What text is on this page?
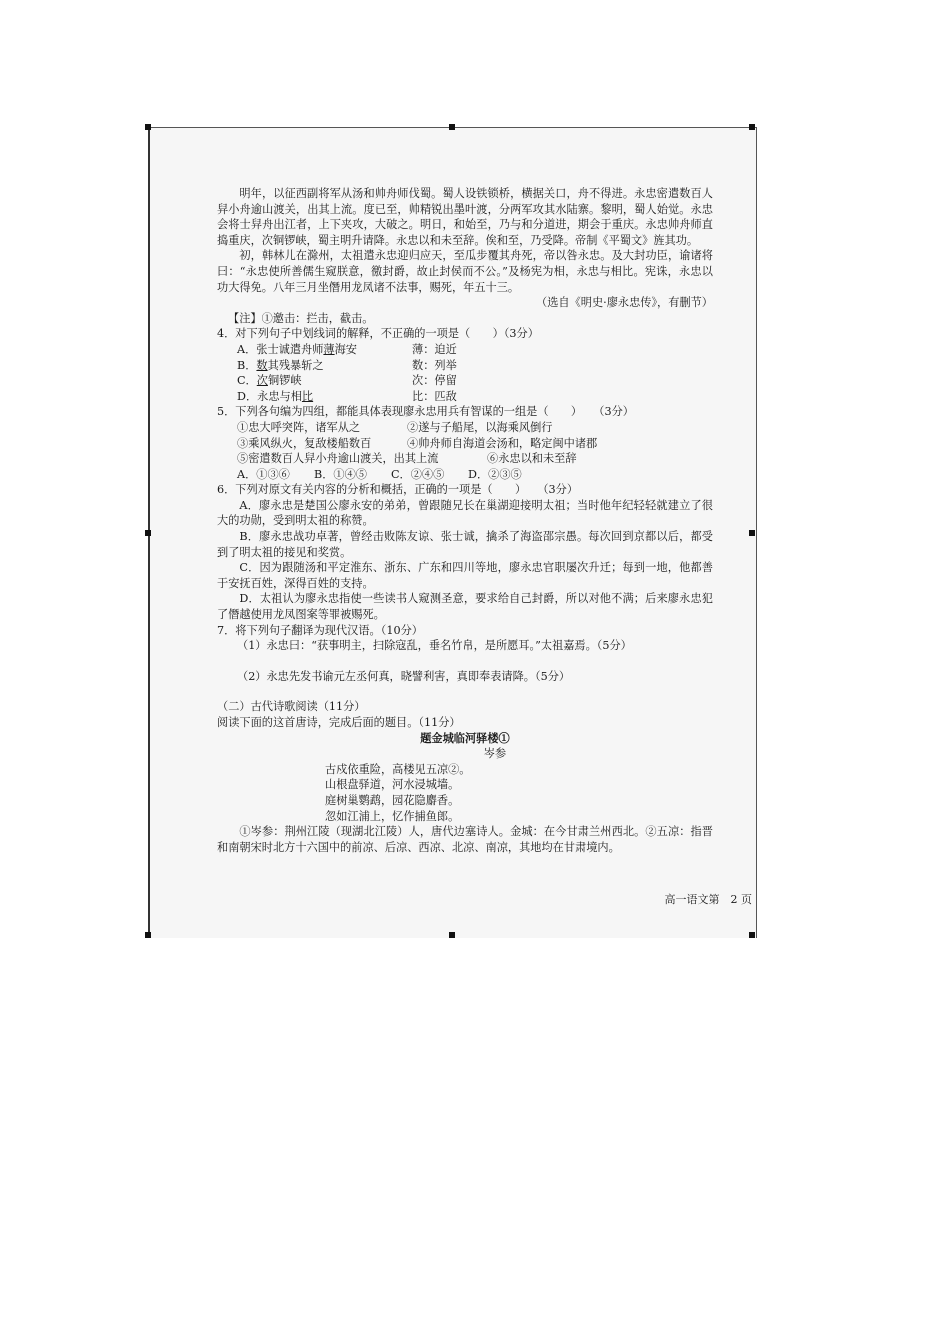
明年，以征西副将军从汤和帅舟师伐蜀。蜀人设铁锁桥，横据关口，舟不得进。永忠密遣数百人舁小舟逾山渡关，出其上流。度已至，帅精锐出墨叶渡，分两军攻其水陆寨。黎明，蜀人始觉。永忠会将士舁舟出江者，上下夹攻，大破之。明日，和始至，乃与和分道进，期会于重庆。永忠帅舟师直捣重庆，次铜锣峡，蜀主明升请降。永忠以和未至辞。俟和至，乃受降。帝制《平蜀文》旌其功。

初，韩林儿在滁州，太祖遣永忠迎归应天，至瓜步覆其舟死，帝以咎永忠。及大封功臣，谕诸将曰：“永忠使所善儒生窥朕意，徼封爵，故止封侯而不公。”及杨宪为相，永忠与相比。宪诛，永忠以功大得免。八年三月坐僭用龙凤诸不法事，赐死，年五十三。

（选自《明史·廖永忠传》，有删节）

【注】①邀击：拦击，截击。

4．对下列句子中划线词的解释，不正确的一项是（　　）（3分）

A．张士诚遣舟师薄海安	薄：迫近
B．数其残暴斩之	数：列举
C．次铜锣峡	次：停留
D．永忠与相比	比：匹敌

5．下列各句编为四组，都能具体表现廖永忠用兵有智谋的一组是（　　）　　（3分）

①忠大呼突阵，诸军从之	②遂与子船尾，以海乘风倒行
③乘风纵火，复敌楼船数百	④帅舟师自海道会汤和，略定闽中诸郡
⑤密遣数百人舁小舟逾山渡关，出其上流	⑥永忠以和未至辞
A．①③⑥ B．①④⑤ C．②④⑤ D．②③⑤

6．下列对原文有关内容的分析和概括，正确的一项是（　　）　　（3分）

A．廖永忠是楚国公廖永安的弟弟，曾跟随兄长在巢湖迎接明太祖；当时他年纪轻轻就建立了很大的功勋，受到明太祖的称赞。

B．廖永忠战功卓著，曾经击败陈友谅、张士诚，擒杀了海盗邵宗愚。每次回到京都以后，都受到了明太祖的接见和奖赏。

C．因为跟随汤和平定淮东、浙东、广东和四川等地，廖永忠官职屡次升迁；每到一地，他都善于安抚百姓，深得百姓的支持。

D．太祖认为廖永忠指使一些读书人窥测圣意，要求给自己封爵，所以对他不满；后来廖永忠犯了僭越使用龙凤图案等罪被赐死。

7．将下列句子翻译为现代汉语。（10分）

（1）永忠曰：“获事明主，扫除寇乱，垂名竹帛，是所愿耳。”太祖嘉焉。（5分）

（2）永忠先发书谕元左丞何真，晓譬利害，真即奉表请降。（5分）

（二）古代诗歌阅读（11分）

阅读下面的这首唐诗，完成后面的题目。（11分）

题金城临河驿楼①

岑参

古戍依重险，高楼见五凉②。

山根盘驿道，河水浸城墙。

庭树巢鹦鹉，园花隐麝香。

忽如江浦上，忆作捕鱼郎。

①岑参：荆州江陵（现湖北江陵）人，唐代边塞诗人。金城：在今甘肃兰州西北。②五凉：指晋和南朝宋时北方十六国中的前凉、后凉、西凉、北凉、南凉，其地均在甘肃境内。

高一语文第　2 页
